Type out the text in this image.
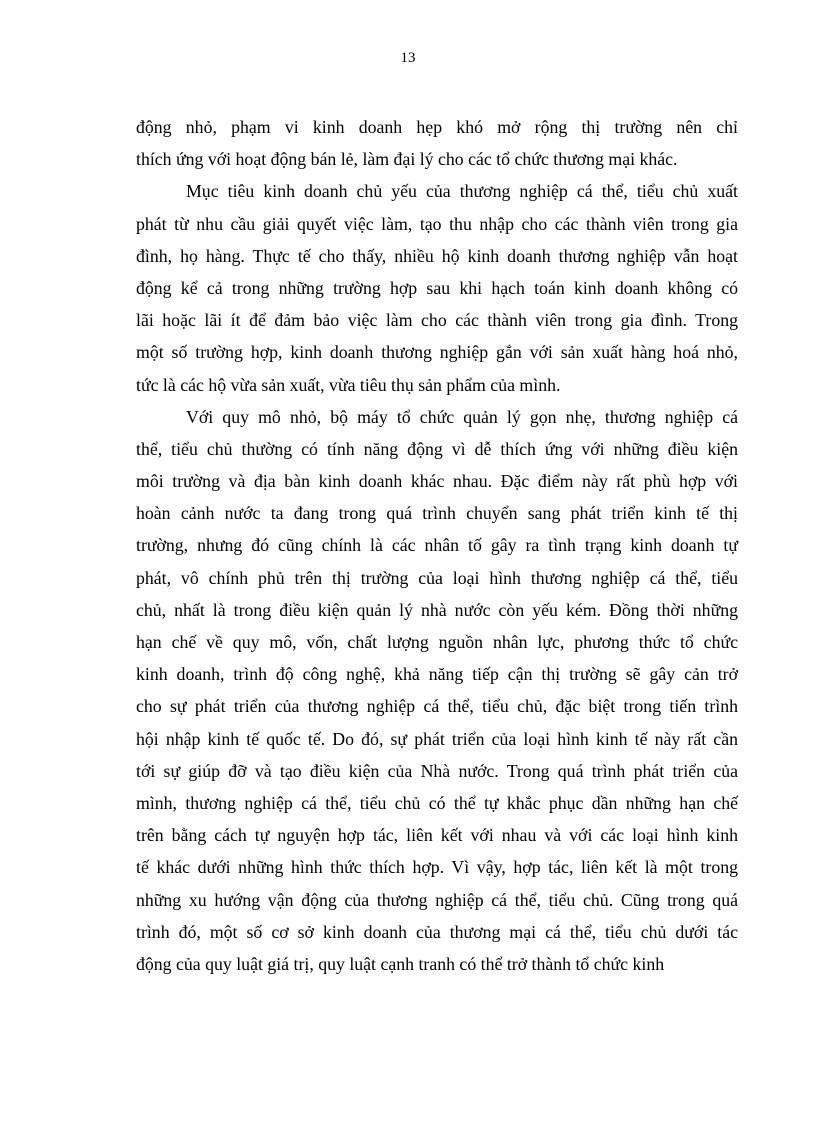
13
động nhỏ, phạm vi kinh doanh hẹp khó mở rộng thị trường nên chỉ
thích ứng với hoạt động bán lẻ, làm đại lý cho các tổ chức thương mại khác.
Mục tiêu kinh doanh chủ yếu của thương nghiệp cá thể, tiểu chủ xuất
phát từ nhu cầu giải quyết việc làm, tạo thu nhập cho các thành viên trong gia
đình, họ hàng. Thực tế cho thấy, nhiều hộ kinh doanh thương nghiệp vẫn hoạt
động kể cả trong những trường hợp sau khi hạch toán kinh doanh không có
lãi hoặc lãi ít để đảm bảo việc làm cho các thành viên trong gia đình. Trong
một số trường hợp, kinh doanh thương nghiệp gắn với sản xuất hàng hoá nhỏ,
tức là các hộ vừa sản xuất, vừa tiêu thụ sản phẩm của mình.
Với quy mô nhỏ, bộ máy tổ chức quản lý gọn nhẹ, thương nghiệp cá
thể, tiểu chủ thường có tính năng động vì dễ thích ứng với những điều kiện
môi trường và địa bàn kinh doanh khác nhau. Đặc điểm này rất phù hợp với
hoàn cảnh nước ta đang trong quá trình chuyển sang phát triển kinh tế thị
trường, nhưng đó cũng chính là các nhân tố gây ra tình trạng kinh doanh tự
phát, vô chính phủ trên thị trường của loại hình thương nghiệp cá thể, tiểu
chủ, nhất là trong điều kiện quản lý nhà nước còn yếu kém. Đồng thời những
hạn chế về quy mô, vốn, chất lượng nguồn nhân lực, phương thức tổ chức
kinh doanh, trình độ công nghệ, khả năng tiếp cận thị trường sẽ gây cản trở
cho sự phát triển của thương nghiệp cá thể, tiểu chủ, đặc biệt trong tiến trình
hội nhập kinh tế quốc tế. Do đó, sự phát triển của loại hình kinh tế này rất cần
tới sự giúp đỡ và tạo điều kiện của Nhà nước. Trong quá trình phát triển của
mình, thương nghiệp cá thể, tiểu chủ có thể tự khắc phục dần những hạn chế
trên bằng cách tự nguyện hợp tác, liên kết với nhau và với các loại hình kinh
tế khác dưới những hình thức thích hợp. Vì vậy, hợp tác, liên kết là một trong
những xu hướng vận động của thương nghiệp cá thể, tiểu chủ. Cũng trong quá
trình đó, một số cơ sở kinh doanh của thương mại cá thể, tiểu chủ dưới tác
động của quy luật giá trị, quy luật cạnh tranh có thể trở thành tổ chức kinh
